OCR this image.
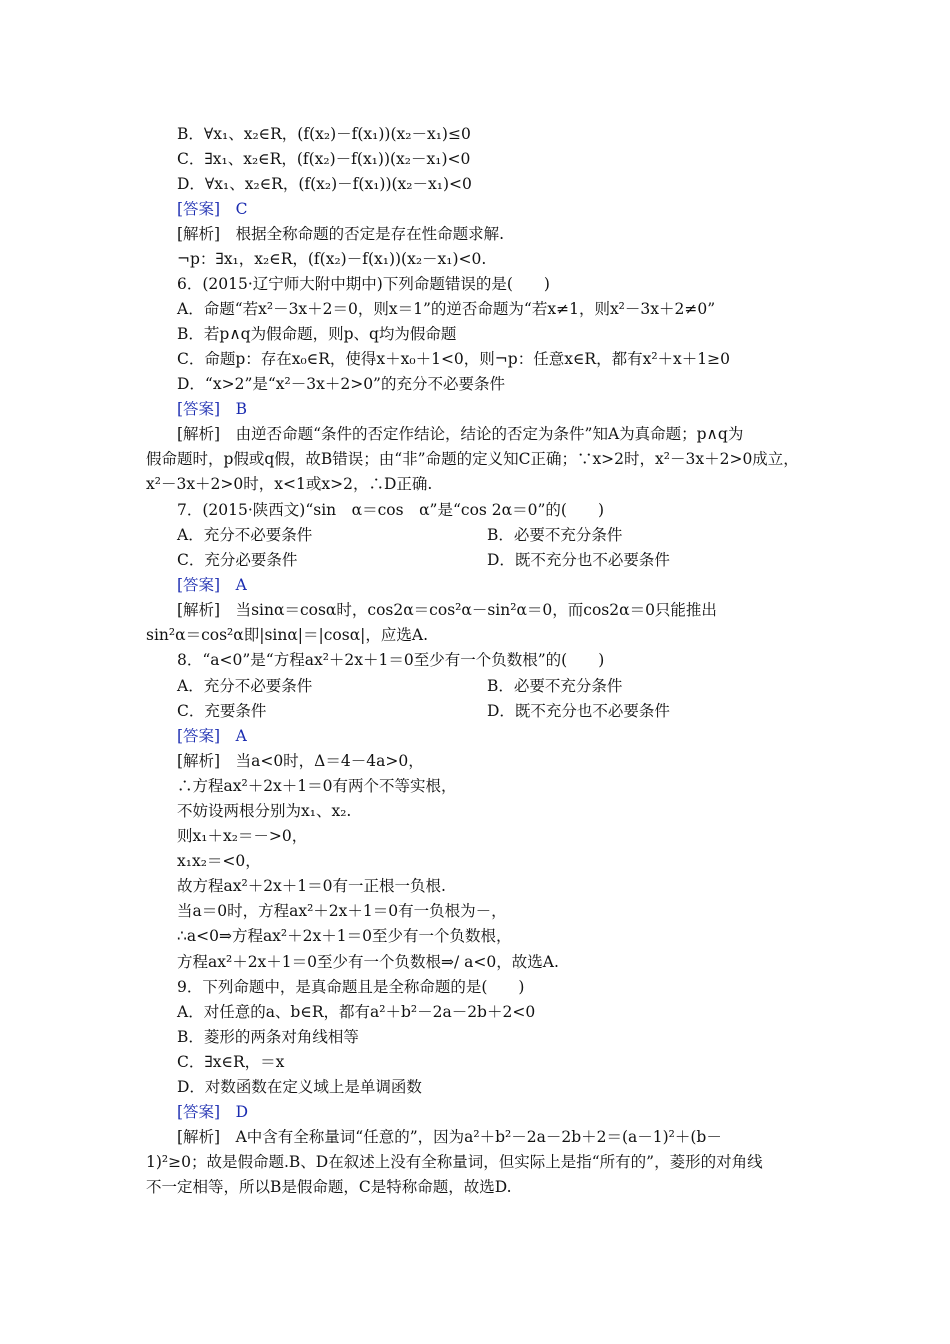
B．∀x₁、x₂∈R，(f(x₂)－f(x₁))(x₂－x₁)≤0
C．∃x₁、x₂∈R，(f(x₂)－f(x₁))(x₂－x₁)<0
D．∀x₁、x₂∈R，(f(x₂)－f(x₁))(x₂－x₁)<0
[答案]　C
[解析]　根据全称命题的否定是存在性命题求解.
¬p：∃x₁，x₂∈R，(f(x₂)－f(x₁))(x₂－x₁)<0.
6．(2015·辽宁师大附中期中)下列命题错误的是(　　)
A．命题“若x²－3x＋2＝0，则x＝1”的逆否命题为“若x≠1，则x²－3x＋2≠0”
B．若p∧q为假命题，则p、q均为假命题
C．命题p：存在x₀∈R，使得x＋x₀＋1<0，则¬p：任意x∈R，都有x²＋x＋1≥0
D．“x>2”是“x²－3x＋2>0”的充分不必要条件
[答案]　B
[解析]　由逆否命题“条件的否定作结论，结论的否定为条件”知A为真命题；p∧q为
假命题时，p假或q假，故B错误；由“非”命题的定义知C正确；∵x>2时，x²－3x＋2>0成立，
x²－3x＋2>0时，x<1或x>2，∴D正确.
7．(2015·陕西文)“sin　α＝cos　α”是“cos 2α＝0”的(　　)
A．充分不必要条件	B．必要不充分条件
C．充分必要条件	D．既不充分也不必要条件
[答案]　A
[解析]　当sinα＝cosα时，cos2α＝cos²α－sin²α＝0，而cos2α＝0只能推出
sin²α＝cos²α即|sinα|＝|cosα|，应选A.
8．“a<0”是“方程ax²＋2x＋1＝0至少有一个负数根”的(　　)
A．充分不必要条件	B．必要不充分条件
C．充要条件	D．既不充分也不必要条件
[答案]　A
[解析]　当a<0时，Δ＝4－4a>0，
∴方程ax²＋2x＋1＝0有两个不等实根，
不妨设两根分别为x₁、x₂.
则x₁＋x₂＝－>0，
x₁x₂＝<0，
故方程ax²＋2x＋1＝0有一正根一负根.
当a＝0时，方程ax²＋2x＋1＝0有一负根为－，
∴a<0⇒方程ax²＋2x＋1＝0至少有一个负数根，
方程ax²＋2x＋1＝0至少有一个负数根⇒/ a<0，故选A.
9．下列命题中，是真命题且是全称命题的是(　　)
A．对任意的a、b∈R，都有a²＋b²－2a－2b＋2<0
B．菱形的两条对角线相等
C．∃x∈R，＝x
D．对数函数在定义域上是单调函数
[答案]　D
[解析]　A中含有全称量词“任意的”，因为a²＋b²－2a－2b＋2＝(a－1)²＋(b－
1)²≥0；故是假命题.B、D在叙述上没有全称量词，但实际上是指“所有的”，菱形的对角线
不一定相等，所以B是假命题，C是特称命题，故选D.
